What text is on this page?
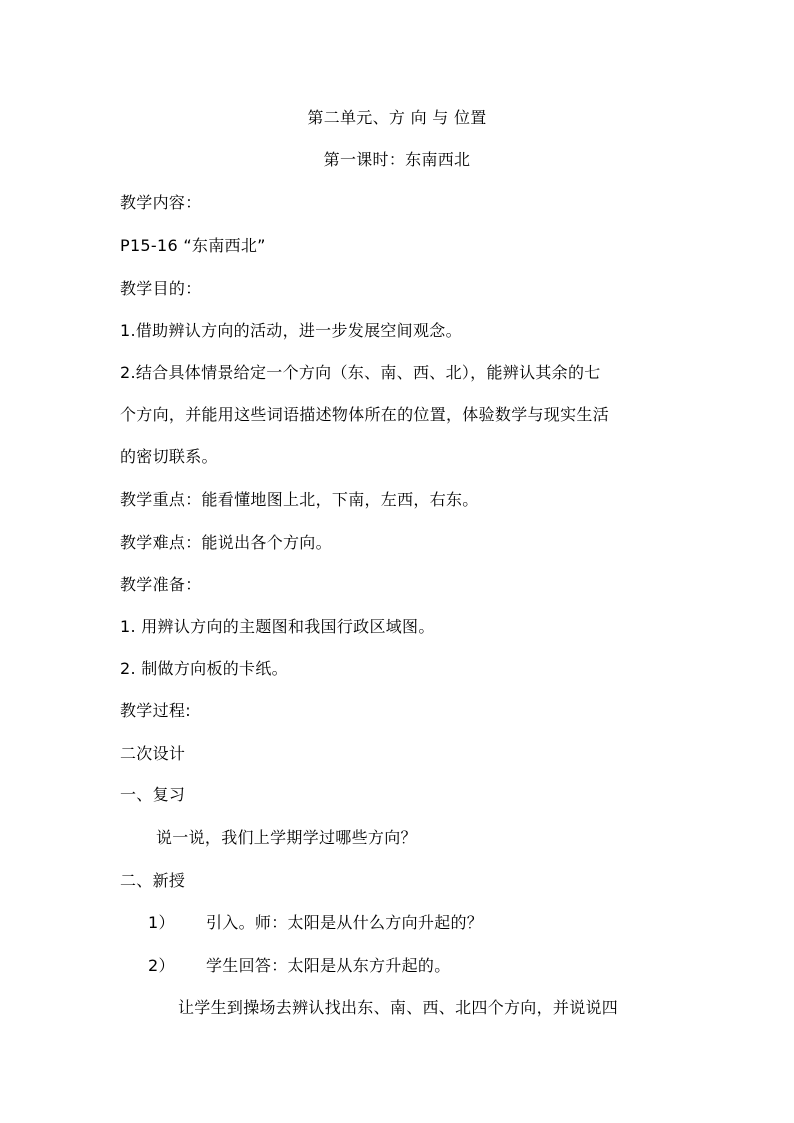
第二单元、方 向 与 位置
第一课时：东南西北
教学内容：
P15-16 “东南西北”
教学目的：
1.借助辨认方向的活动，进一步发展空间观念。
2.结合具体情景给定一个方向（东、南、西、北），能辨认其余的七
个方向，并能用这些词语描述物体所在的位置，体验数学与现实生活
的密切联系。
教学重点：能看懂地图上北，下南，左西，右东。
教学难点：能说出各个方向。
教学准备：
1. 用辨认方向的主题图和我国行政区域图。
2. 制做方向板的卡纸。
教学过程:
二次设计
一、复习
说一说，我们上学期学过哪些方向？
二、新授
1） 引入。师：太阳是从什么方向升起的？
2） 学生回答：太阳是从东方升起的。
让学生到操场去辨认找出东、南、西、北四个方向，并说说四
